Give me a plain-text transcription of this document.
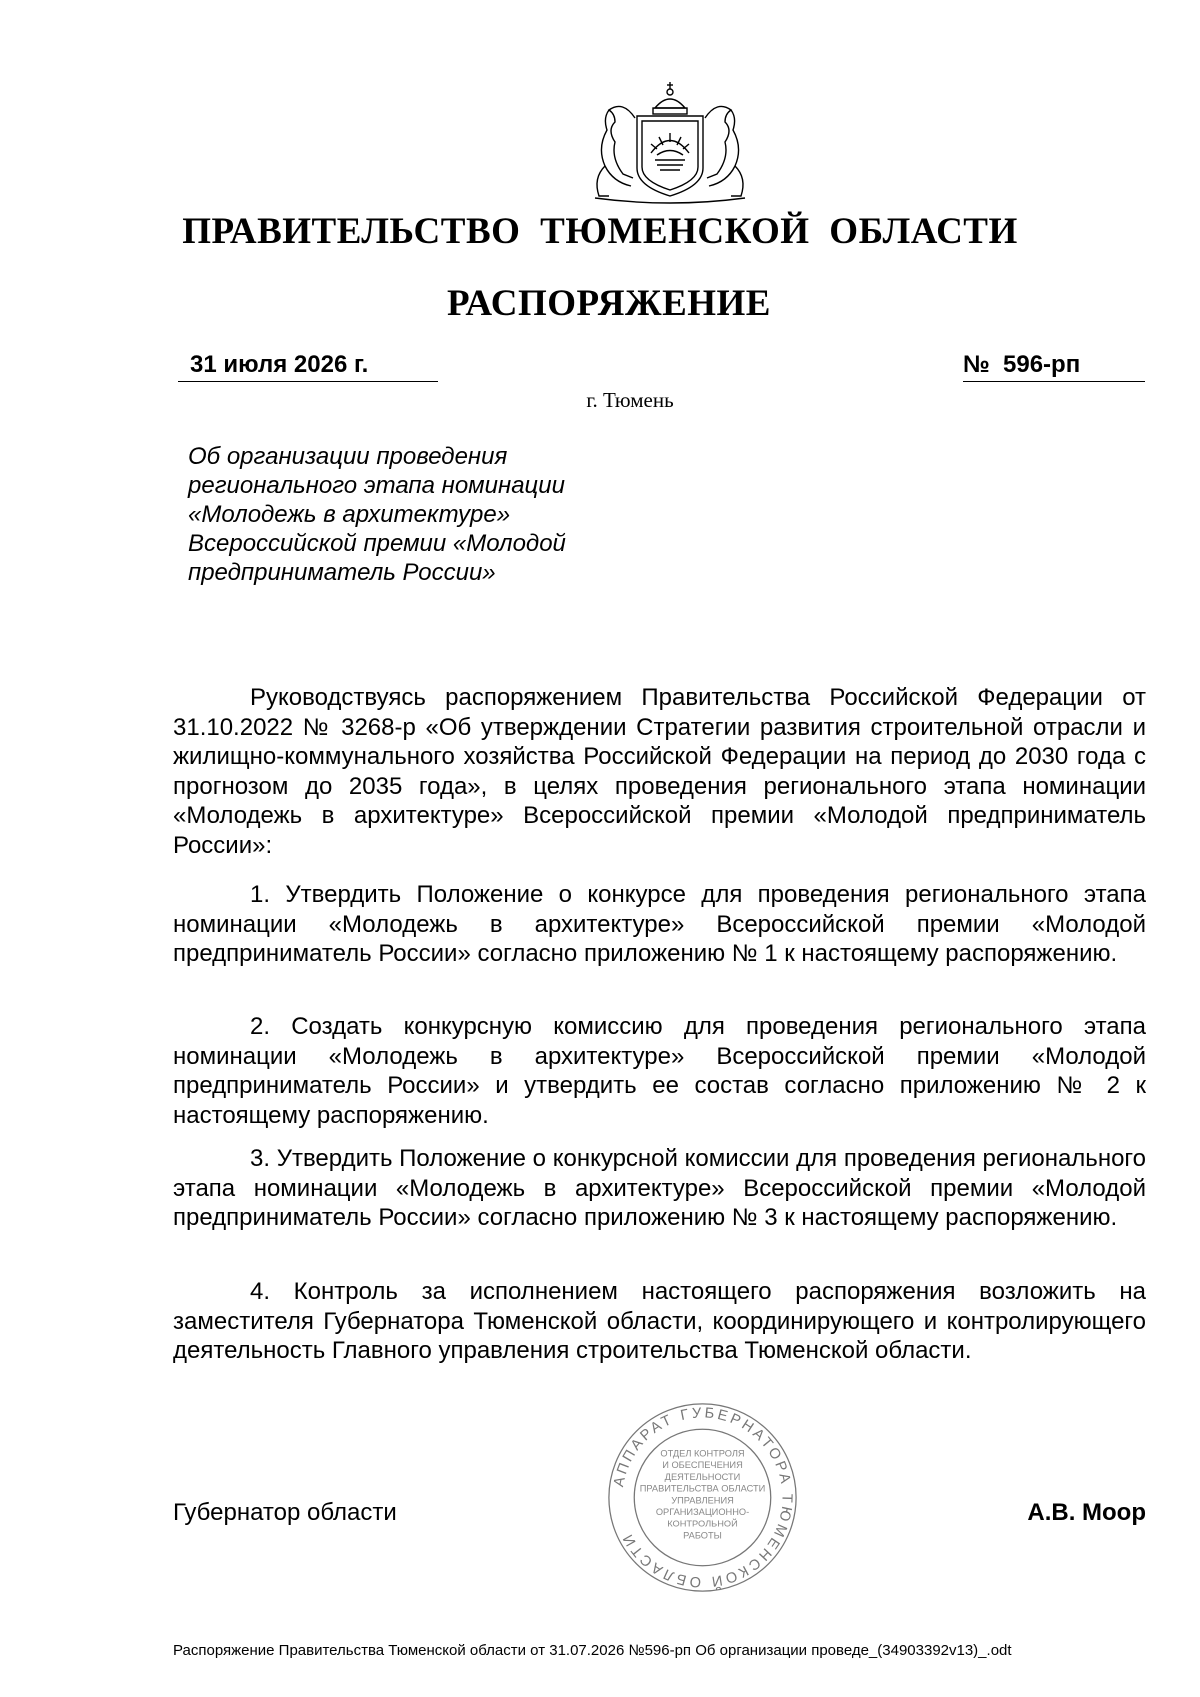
ПРАВИТЕЛЬСТВО ТЮМЕНСКОЙ ОБЛАСТИ
РАСПОРЯЖЕНИЕ
31 июля 2026 г.	№ 596-рп
г. Тюмень
Об организации проведения
регионального этапа номинации
«Молодежь в архитектуре»
Всероссийской премии «Молодой
предприниматель России»
Руководствуясь распоряжением Правительства Российской Федерации от 31.10.2022 № 3268-р «Об утверждении Стратегии развития строительной отрасли и жилищно-коммунального хозяйства Российской Федерации на период до 2030 года с прогнозом до 2035 года», в целях проведения регионального этапа номинации «Молодежь в архитектуре» Всероссийской премии «Молодой предприниматель России»:
1. Утвердить Положение о конкурсе для проведения регионального этапа номинации «Молодежь в архитектуре» Всероссийской премии «Молодой предприниматель России» согласно приложению № 1 к настоящему распоряжению.
2. Создать конкурсную комиссию для проведения регионального этапа номинации «Молодежь в архитектуре» Всероссийской премии «Молодой предприниматель России» и утвердить ее состав согласно приложению № 2 к настоящему распоряжению.
3. Утвердить Положение о конкурсной комиссии для проведения регионального этапа номинации «Молодежь в архитектуре» Всероссийской премии «Молодой предприниматель России» согласно приложению № 3 к настоящему распоряжению.
4. Контроль за исполнением настоящего распоряжения возложить на заместителя Губернатора Тюменской области, координирующего и контролирующего деятельность Главного управления строительства Тюменской области.
АППАРАТ ГУБЕРНАТОРА ТЮМЕНСКОЙ ОБЛАСТИ
ОТДЕЛ КОНТРОЛЯ
И ОБЕСПЕЧЕНИЯ
ДЕЯТЕЛЬНОСТИ
ПРАВИТЕЛЬСТВА ОБЛАСТИ
УПРАВЛЕНИЯ
ОРГАНИЗАЦИОННО-
КОНТРОЛЬНОЙ
РАБОТЫ
Губернатор области	А.В. Моор
Распоряжение Правительства Тюменской области от 31.07.2026 №596-рп Об организации проведе_(34903392v13)_.odt
